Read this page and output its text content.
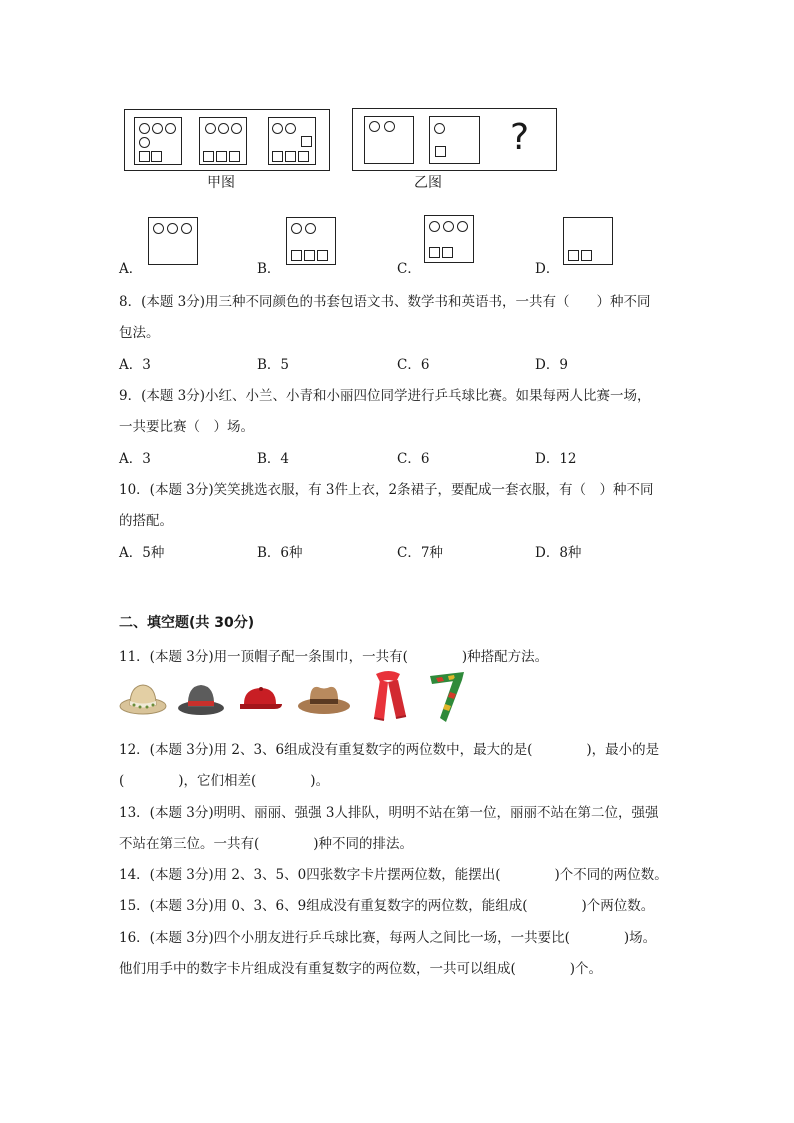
甲图
?
乙图
A．	B．	C．	D．
8．(本题 3分)用三种不同颜色的书套包语文书、数学书和英语书，一共有（　　）种不同
包法。
A．3	B．5	C．6	D．9
9．(本题 3分)小红、小兰、小青和小丽四位同学进行乒乓球比赛。如果每两人比赛一场，
一共要比赛（　）场。
A．3	B．4	C．6	D．12
10．(本题 3分)笑笑挑选衣服，有 3件上衣，2条裙子，要配成一套衣服，有（　）种不同
的搭配。
A．5种	B．6种	C．7种	D．8种
二、填空题(共 30分)
11．(本题 3分)用一顶帽子配一条围巾，一共有(　　　　)种搭配方法。
12．(本题 3分)用 2、3、6组成没有重复数字的两位数中，最大的是(　　　　)，最小的是
(　　　　)，它们相差(　　　　)。
13．(本题 3分)明明、丽丽、强强 3人排队，明明不站在第一位，丽丽不站在第二位，强强
不站在第三位。一共有(　　　　)种不同的排法。
14．(本题 3分)用 2、3、5、0四张数字卡片摆两位数，能摆出(　　　　)个不同的两位数。
15．(本题 3分)用 0、3、6、9组成没有重复数字的两位数，能组成(　　　　)个两位数。
16．(本题 3分)四个小朋友进行乒乓球比赛，每两人之间比一场，一共要比(　　　　)场。
他们用手中的数字卡片组成没有重复数字的两位数，一共可以组成(　　　　)个。
